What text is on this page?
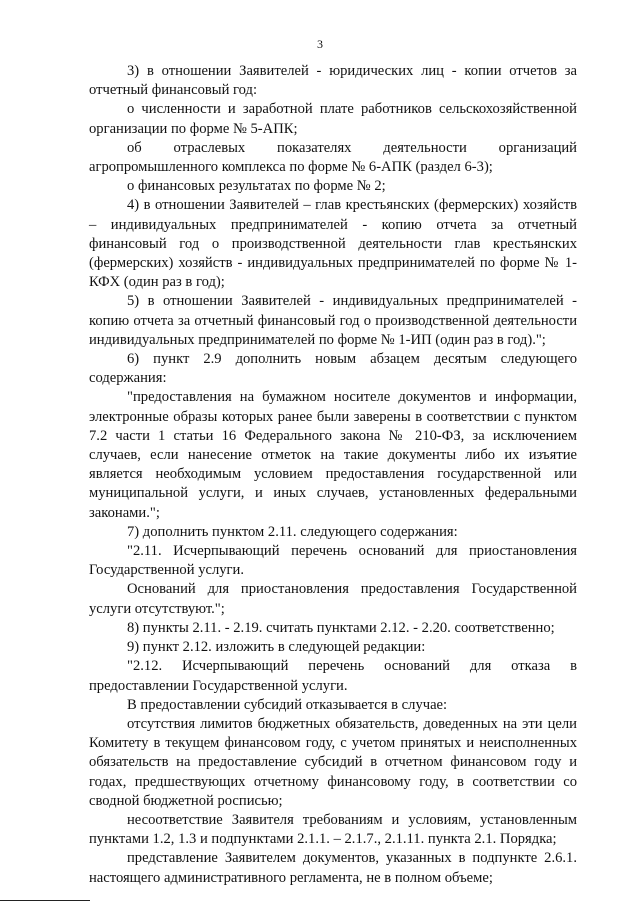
3

3) в отношении Заявителей - юридических лиц - копии отчетов за отчетный финансовый год:

о численности и заработной плате работников сельскохозяйственной организации по форме № 5-АПК;

об отраслевых показателях деятельности организаций агропромышленного комплекса по форме № 6-АПК (раздел 6-3);

о финансовых результатах по форме № 2;

4) в отношении Заявителей – глав крестьянских (фермерских) хозяйств – индивидуальных предпринимателей - копию отчета за отчетный финансовый год о производственной деятельности глав крестьянских (фермерских) хозяйств - индивидуальных предпринимателей по форме № 1-КФХ (один раз в год);

5) в отношении Заявителей - индивидуальных предпринимателей - копию отчета за отчетный финансовый год о производственной деятельности индивидуальных предпринимателей по форме № 1-ИП (один раз в год).";

6) пункт 2.9 дополнить новым абзацем десятым следующего содержания:

"предоставления на бумажном носителе документов и информации, электронные образы которых ранее были заверены в соответствии с пунктом 7.2 части 1 статьи 16 Федерального закона № 210-ФЗ, за исключением случаев, если нанесение отметок на такие документы либо их изъятие является необходимым условием предоставления государственной или муниципальной услуги, и иных случаев, установленных федеральными законами.";

7) дополнить пунктом 2.11. следующего содержания:

"2.11. Исчерпывающий перечень оснований для приостановления Государственной услуги.

Оснований для приостановления предоставления Государственной услуги отсутствуют.";

8) пункты 2.11. - 2.19. считать пунктами 2.12. - 2.20. соответственно;

9) пункт 2.12. изложить в следующей редакции:

"2.12. Исчерпывающий перечень оснований для отказа в предоставлении Государственной услуги.

В предоставлении субсидий отказывается в случае:

отсутствия лимитов бюджетных обязательств, доведенных на эти цели Комитету в текущем финансовом году, с учетом принятых и неисполненных обязательств на предоставление субсидий в отчетном финансовом году и годах, предшествующих отчетному финансовому году, в соответствии со сводной бюджетной росписью;

несоответствие Заявителя требованиям и условиям, установленным пунктами 1.2, 1.3 и подпунктами 2.1.1. – 2.1.7., 2.1.11. пункта 2.1. Порядка;

представление Заявителем документов, указанных в подпункте 2.6.1. настоящего административного регламента, не в полном объеме;
